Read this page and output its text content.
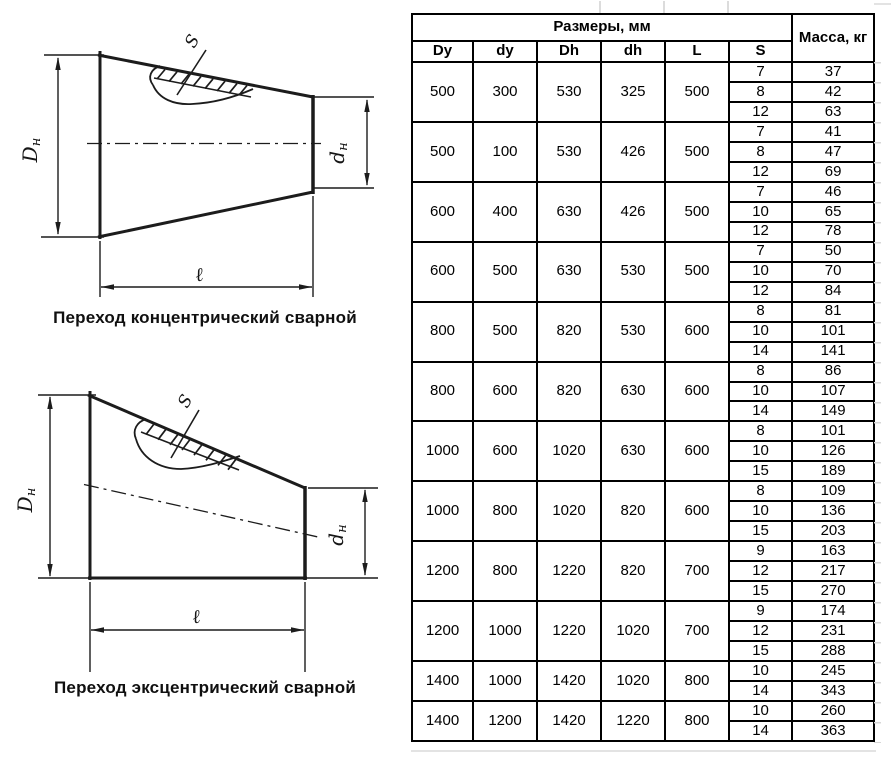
S
Dн
dн
ℓ
Переход концентрический сварной
S
Dн
dн
ℓ
Переход эксцентрический сварной
Размеры, мм						Масса, кг
Dy	dy	Dh	dh	L	S	
500	300	530	325	500	7	37
					8	42
					12	63
500	100	530	426	500	7	41
					8	47
					12	69
600	400	630	426	500	7	46
					10	65
					12	78
600	500	630	530	500	7	50
					10	70
					12	84
800	500	820	530	600	8	81
					10	101
					14	141
800	600	820	630	600	8	86
					10	107
					14	149
1000	600	1020	630	600	8	101
					10	126
					15	189
1000	800	1020	820	600	8	109
					10	136
					15	203
1200	800	1220	820	700	9	163
					12	217
					15	270
1200	1000	1220	1020	700	9	174
					12	231
					15	288
1400	1000	1420	1020	800	10	245
					14	343
1400	1200	1420	1220	800	10	260
					14	363
